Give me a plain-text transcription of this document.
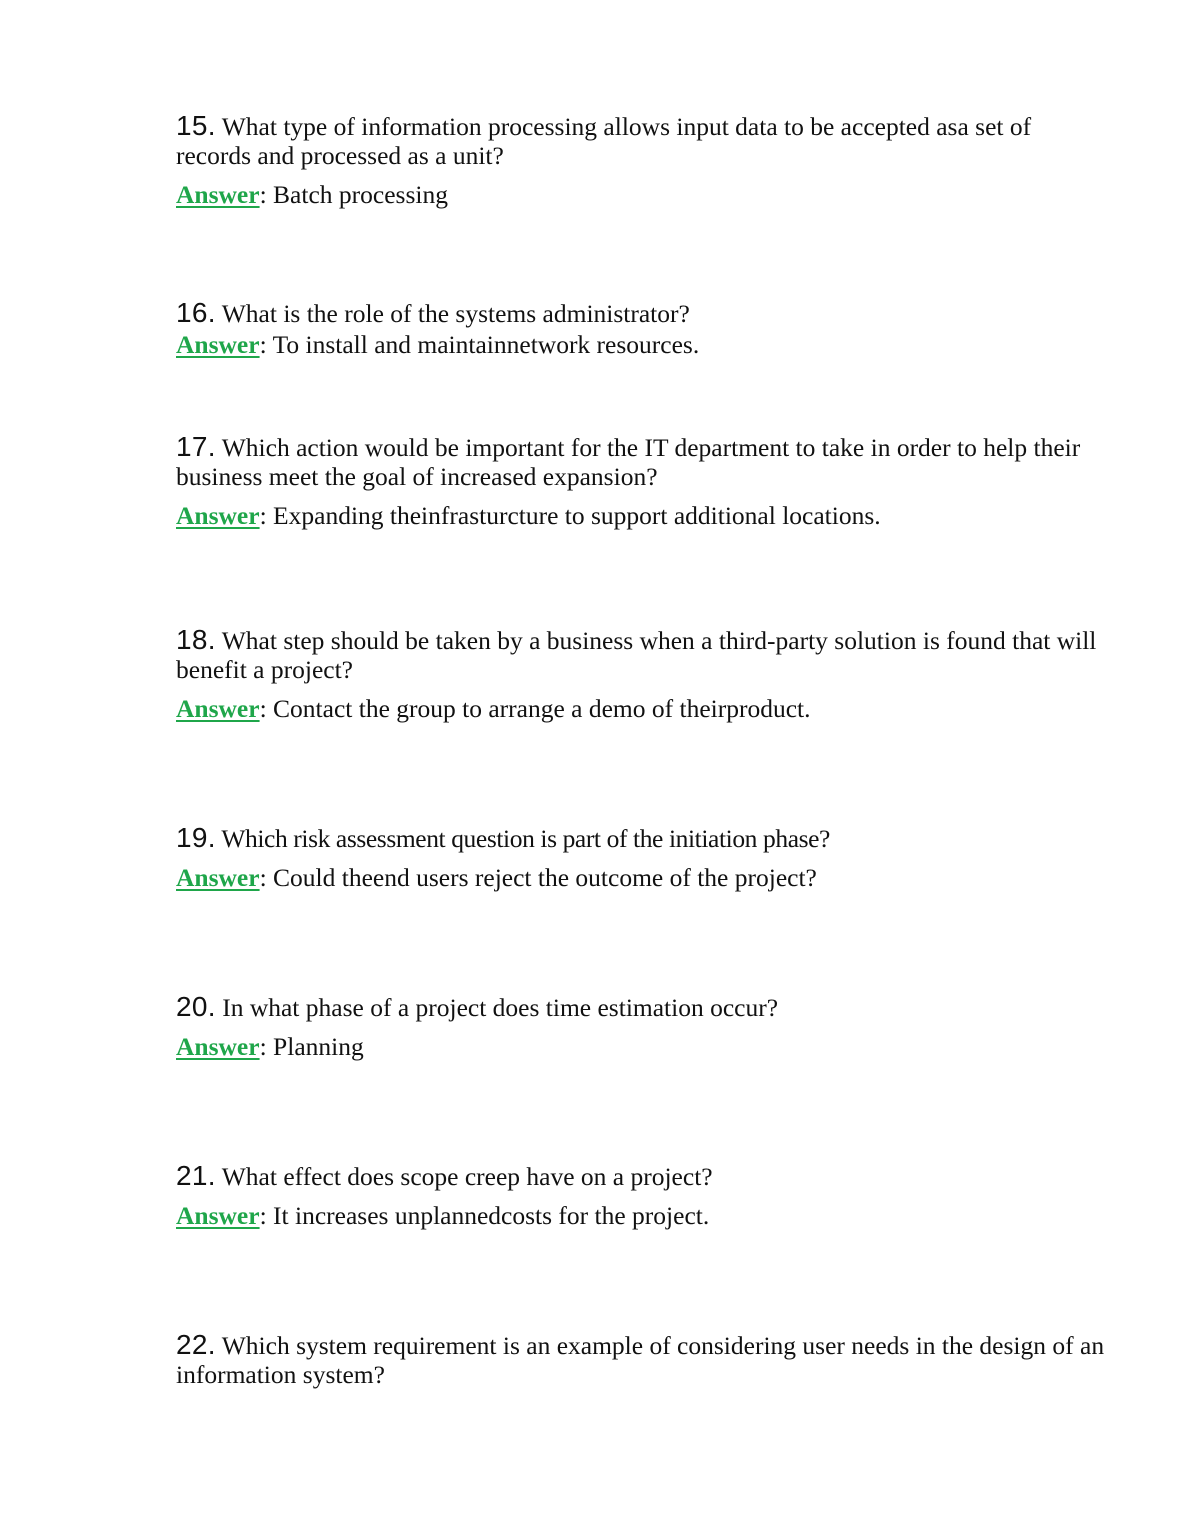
15. What type of information processing allows input data to be accepted asa set of records and processed as a unit?

Answer: Batch processing

16. What is the role of the systems administrator?

Answer: To install and maintainnetwork resources.

17. Which action would be important for the IT department to take in order to help their business meet the goal of increased expansion?

Answer: Expanding theinfrasturcture to support additional locations.

18. What step should be taken by a business when a third-party solution is found that will benefit a project?

Answer: Contact the group to arrange a demo of theirproduct.

19. Which risk assessment question is part of the initiation phase?

Answer: Could theend users reject the outcome of the project?

20. In what phase of a project does time estimation occur?

Answer: Planning

21. What effect does scope creep have on a project?

Answer: It increases unplannedcosts for the project.

22. Which system requirement is an example of considering user needs in the design of an information system?
